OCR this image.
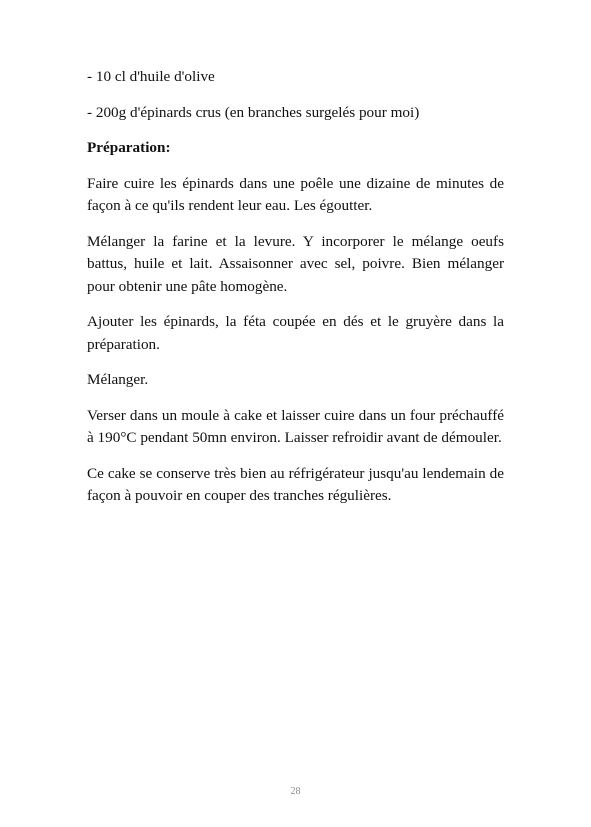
- 10 cl d'huile d'olive

- 200g d'épinards crus (en branches surgelés pour moi)

Préparation:

Faire cuire les épinards dans une poêle une dizaine de minutes de façon à ce qu'ils rendent leur eau. Les égoutter.

Mélanger la farine et la levure. Y incorporer le mélange oeufs battus, huile et lait. Assaisonner avec sel, poivre. Bien mélanger pour obtenir une pâte homogène.

Ajouter les épinards, la féta coupée en dés et le gruyère dans la préparation.

Mélanger.

Verser dans un moule à cake et laisser cuire dans un four préchauffé à 190°C pendant 50mn environ. Laisser refroidir avant de démouler.

Ce cake se conserve très bien au réfrigérateur jusqu'au lendemain de façon à pouvoir en couper des tranches régulières.

28
